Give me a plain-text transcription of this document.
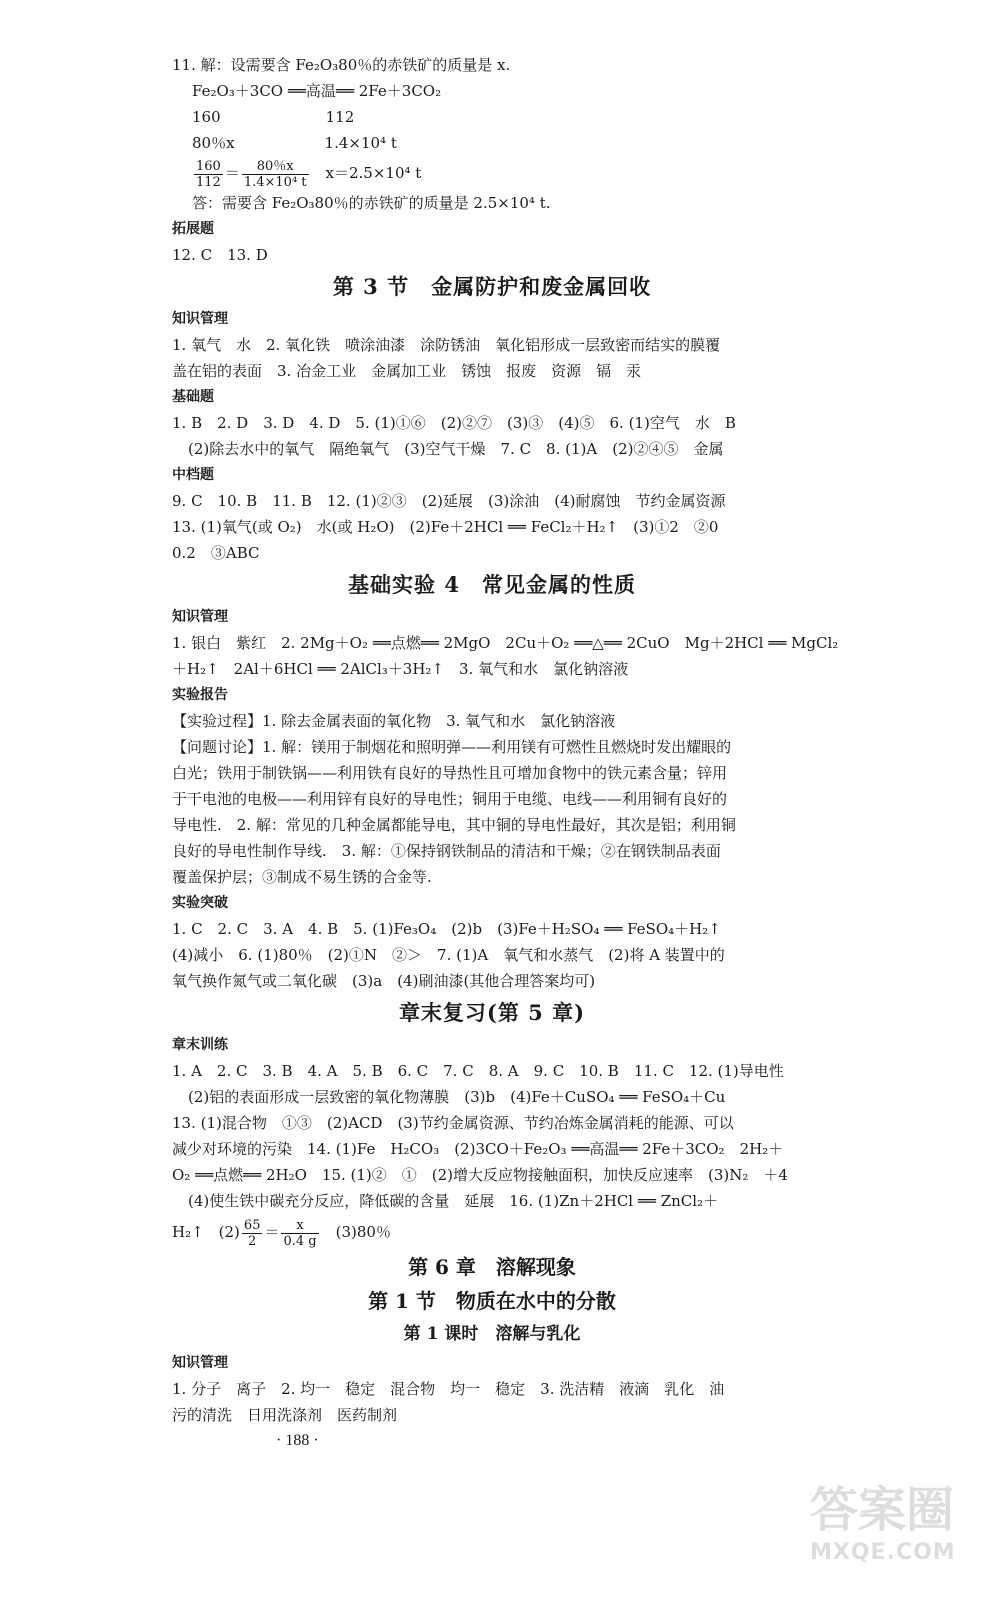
11. 解：设需要含 Fe₂O₃80％的赤铁矿的质量是 x.
Fe₂O₃＋3CO ══高温══ 2Fe＋3CO₂
160　　　　　　　112
80％x　　　　　　1.4×10⁴ t
$\frac{160}{112} = \frac{80\%x}{\text{1.4×10⁴ t}}$ 　x＝2.5×10⁴ t
答：需要含 Fe₂O₃80％的赤铁矿的质量是 2.5×10⁴ t.
拓展题
12. C　13. D
第 3 节　金属防护和废金属回收
知识管理
1. 氧气　水　2. 氧化铁　喷涂油漆　涂防锈油　氧化铝形成一层致密而结实的膜覆
盖在铝的表面　3. 冶金工业　金属加工业　锈蚀　报废　资源　镉　汞
基础题
1. B　2. D　3. D　4. D　5. (1)①⑥　(2)②⑦　(3)③　(4)⑤　6. (1)空气　水　B
(2)除去水中的氧气　隔绝氧气　(3)空气干燥　7. C　8. (1)A　(2)②④⑤　金属
中档题
9. C　10. B　11. B　12. (1)②③　(2)延展　(3)涂油　(4)耐腐蚀　节约金属资源
13. (1)氧气(或 O₂)　水(或 H₂O)　(2)Fe＋2HCl ══ FeCl₂＋H₂↑　(3)①2　②0
0.2　③ABC
基础实验 4　常见金属的性质
知识管理
1. 银白　紫红　2. 2Mg＋O₂ ══点燃══ 2MgO　2Cu＋O₂ ══△══ 2CuO　Mg＋2HCl ══ MgCl₂
＋H₂↑　2Al＋6HCl ══ 2AlCl₃＋3H₂↑　3. 氧气和水　氯化钠溶液
实验报告
【实验过程】1. 除去金属表面的氧化物　3. 氧气和水　氯化钠溶液
【问题讨论】1. 解：镁用于制烟花和照明弹——利用镁有可燃性且燃烧时发出耀眼的
白光；铁用于制铁锅——利用铁有良好的导热性且可增加食物中的铁元素含量；锌用
于干电池的电极——利用锌有良好的导电性；铜用于电缆、电线——利用铜有良好的
导电性.　2. 解：常见的几种金属都能导电，其中铜的导电性最好，其次是铝；利用铜
良好的导电性制作导线.　3. 解：①保持钢铁制品的清洁和干燥；②在钢铁制品表面
覆盖保护层；③制成不易生锈的合金等.
实验突破
1. C　2. C　3. A　4. B　5. (1)Fe₃O₄　(2)b　(3)Fe＋H₂SO₄ ══ FeSO₄＋H₂↑
(4)减小　6. (1)80％　(2)①N　②＞　7. (1)A　氧气和水蒸气　(2)将 A 装置中的
氧气换作氮气或二氧化碳　(3)a　(4)刷油漆(其他合理答案均可)
章末复习(第 5 章)
章末训练
1. A　2. C　3. B　4. A　5. B　6. C　7. C　8. A　9. C　10. B　11. C　12. (1)导电性
(2)铝的表面形成一层致密的氧化物薄膜　(3)b　(4)Fe＋CuSO₄ ══ FeSO₄＋Cu
13. (1)混合物　①③　(2)ACD　(3)节约金属资源、节约冶炼金属消耗的能源、可以
减少对环境的污染　14. (1)Fe　H₂CO₃　(2)3CO＋Fe₂O₃ ══高温══ 2Fe＋3CO₂　2H₂＋
O₂ ══点燃══ 2H₂O　15. (1)②　①　(2)增大反应物接触面积，加快反应速率　(3)N₂　＋4
(4)使生铁中碳充分反应，降低碳的含量　延展　16. (1)Zn＋2HCl ══ ZnCl₂＋
H₂↑　$(2) \frac{65}{2} = \frac{x}{0.4 g}$ 　(3)80％
第 6 章　溶解现象
第 1 节　物质在水中的分散
第 1 课时　溶解与乳化
知识管理
1. 分子　离子　2. 均一　稳定　混合物　均一　稳定　3. 洗洁精　液滴　乳化　油
污的清洗　日用洗涤剂　医药制剂
· 188 ·
答案圈
MXQE.COM
